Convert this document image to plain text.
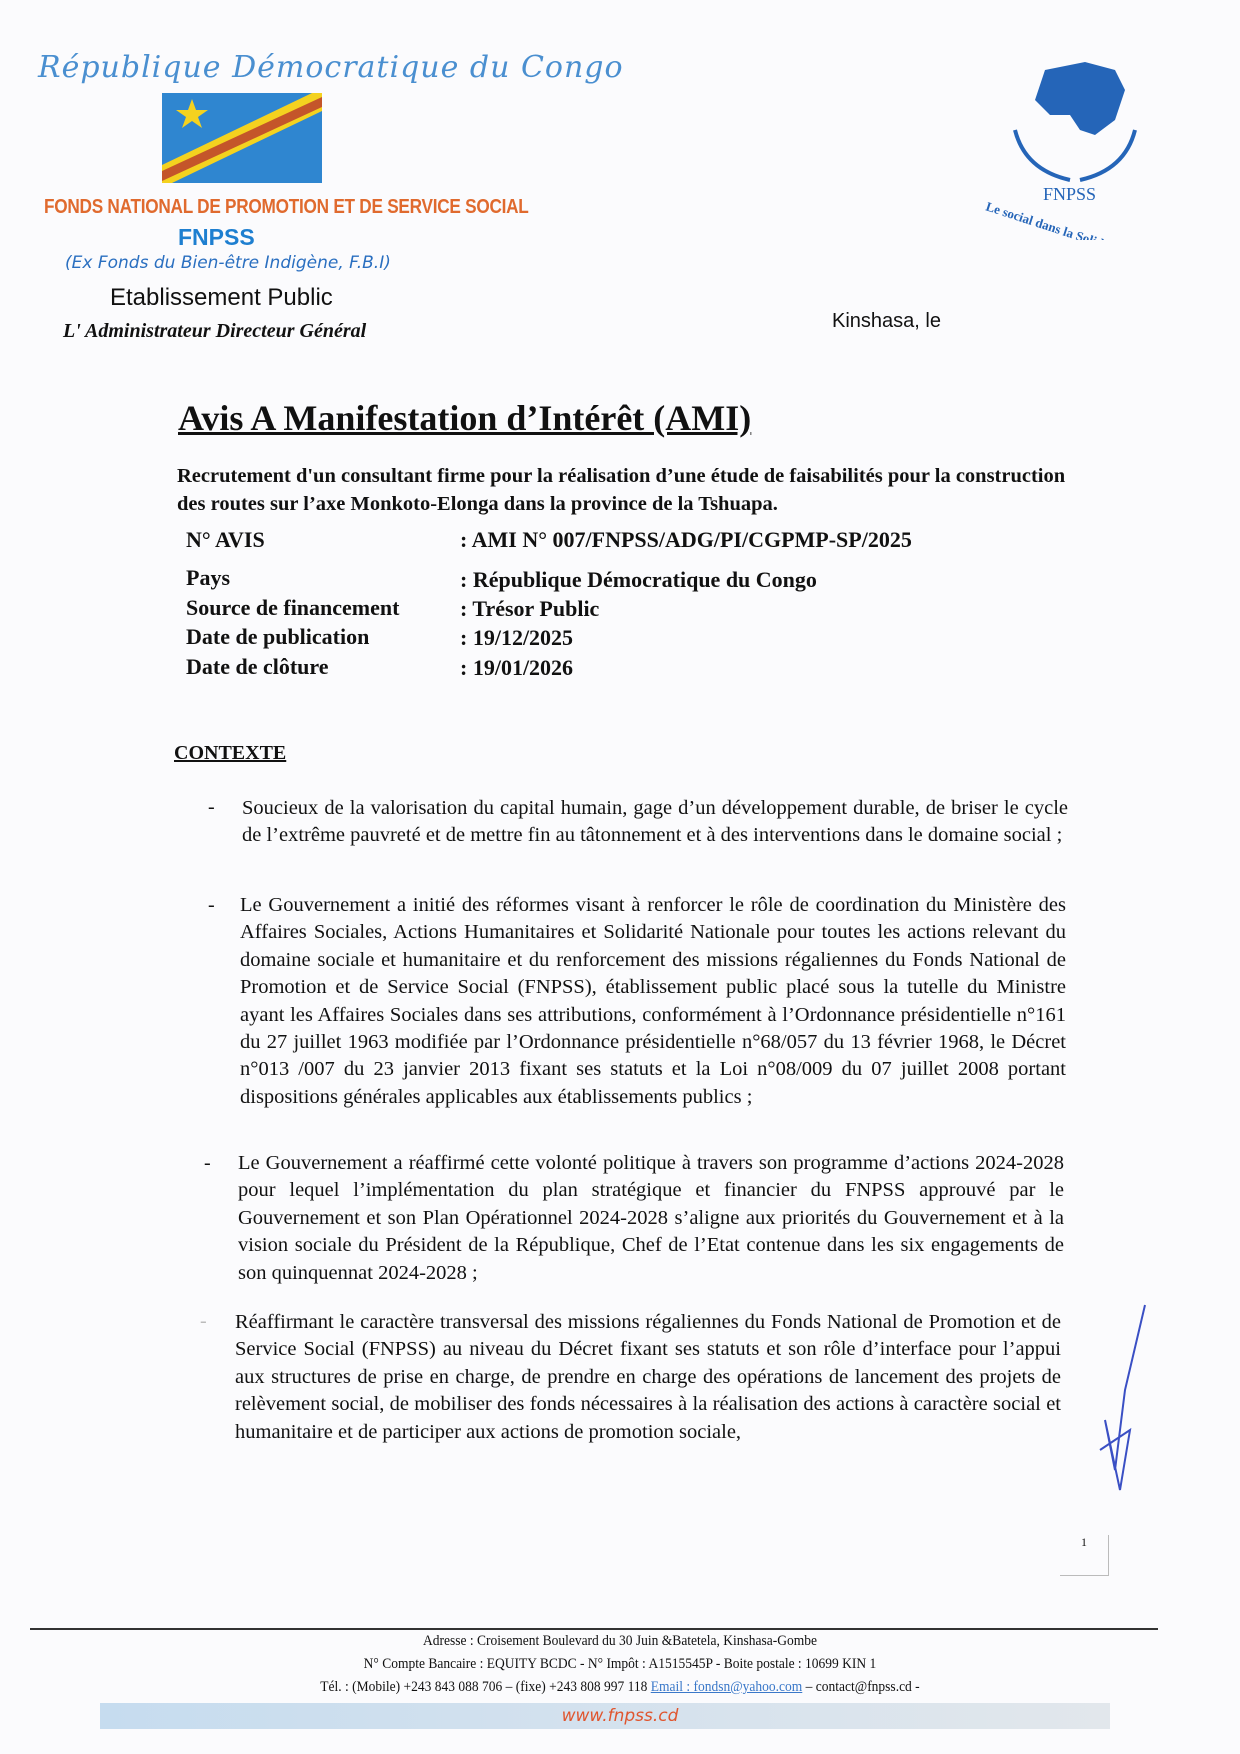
République Démocratique du Congo
FONDS NATIONAL DE PROMOTION ET DE SERVICE SOCIAL
FNPSS
(Ex Fonds du Bien-être Indigène, F.B.I)
Etablissement Public
L' Administrateur Directeur Général
FNPSS
Le social dans la Solidarité
Kinshasa, le
Avis A Manifestation d’Intérêt (AMI)
Recrutement d'un consultant firme pour la réalisation d’une étude de faisabilités pour la construction des routes sur l’axe Monkoto-Elonga dans la province de la Tshuapa.
N° AVIS	: AMI N° 007/FNPSS/ADG/PI/CGPMP-SP/2025
Pays	: République Démocratique du Congo
Source de financement	: Trésor Public
Date de publication	: 19/12/2025
Date de clôture	: 19/01/2026
CONTEXTE
- Soucieux de la valorisation du capital humain, gage d’un développement durable, de briser le cycle de l’extrême pauvreté et de mettre fin au tâtonnement et à des interventions dans le domaine social ;
- Le Gouvernement a initié des réformes visant à renforcer le rôle de coordination du Ministère des Affaires Sociales, Actions Humanitaires et Solidarité Nationale pour toutes les actions relevant du domaine sociale et humanitaire et du renforcement des missions régaliennes du Fonds National de Promotion et de Service Social (FNPSS), établissement public placé sous la tutelle du Ministre ayant les Affaires Sociales dans ses attributions, conformément à l’Ordonnance présidentielle n°161 du 27 juillet 1963 modifiée par l’Ordonnance présidentielle n°68/057 du 13 février 1968, le Décret n°013 /007 du 23 janvier 2013 fixant ses statuts et la Loi n°08/009 du 07 juillet 2008 portant dispositions générales applicables aux établissements publics ;
- Le Gouvernement a réaffirmé cette volonté politique à travers son programme d’actions 2024-2028 pour lequel l’implémentation du plan stratégique et financier du FNPSS approuvé par le Gouvernement et son Plan Opérationnel 2024-2028 s’aligne aux priorités du Gouvernement et à la vision sociale du Président de la République, Chef de l’Etat contenue dans les six engagements de son quinquennat 2024-2028 ;
- Réaffirmant le caractère transversal des missions régaliennes du Fonds National de Promotion et de Service Social (FNPSS) au niveau du Décret fixant ses statuts et son rôle d’interface pour l’appui aux structures de prise en charge, de prendre en charge des opérations de lancement des projets de relèvement social, de mobiliser des fonds nécessaires à la réalisation des actions à caractère social et humanitaire et de participer aux actions de promotion sociale,
1
Adresse : Croisement Boulevard du 30 Juin &Batetela, Kinshasa-Gombe
N° Compte Bancaire : EQUITY BCDC - N° Impôt : A1515545P - Boite postale : 10699 KIN 1
Tél. : (Mobile) +243 843 088 706 – (fixe) +243 808 997 118 Email : fondsn@yahoo.com – contact@fnpss.cd -
www.fnpss.cd
